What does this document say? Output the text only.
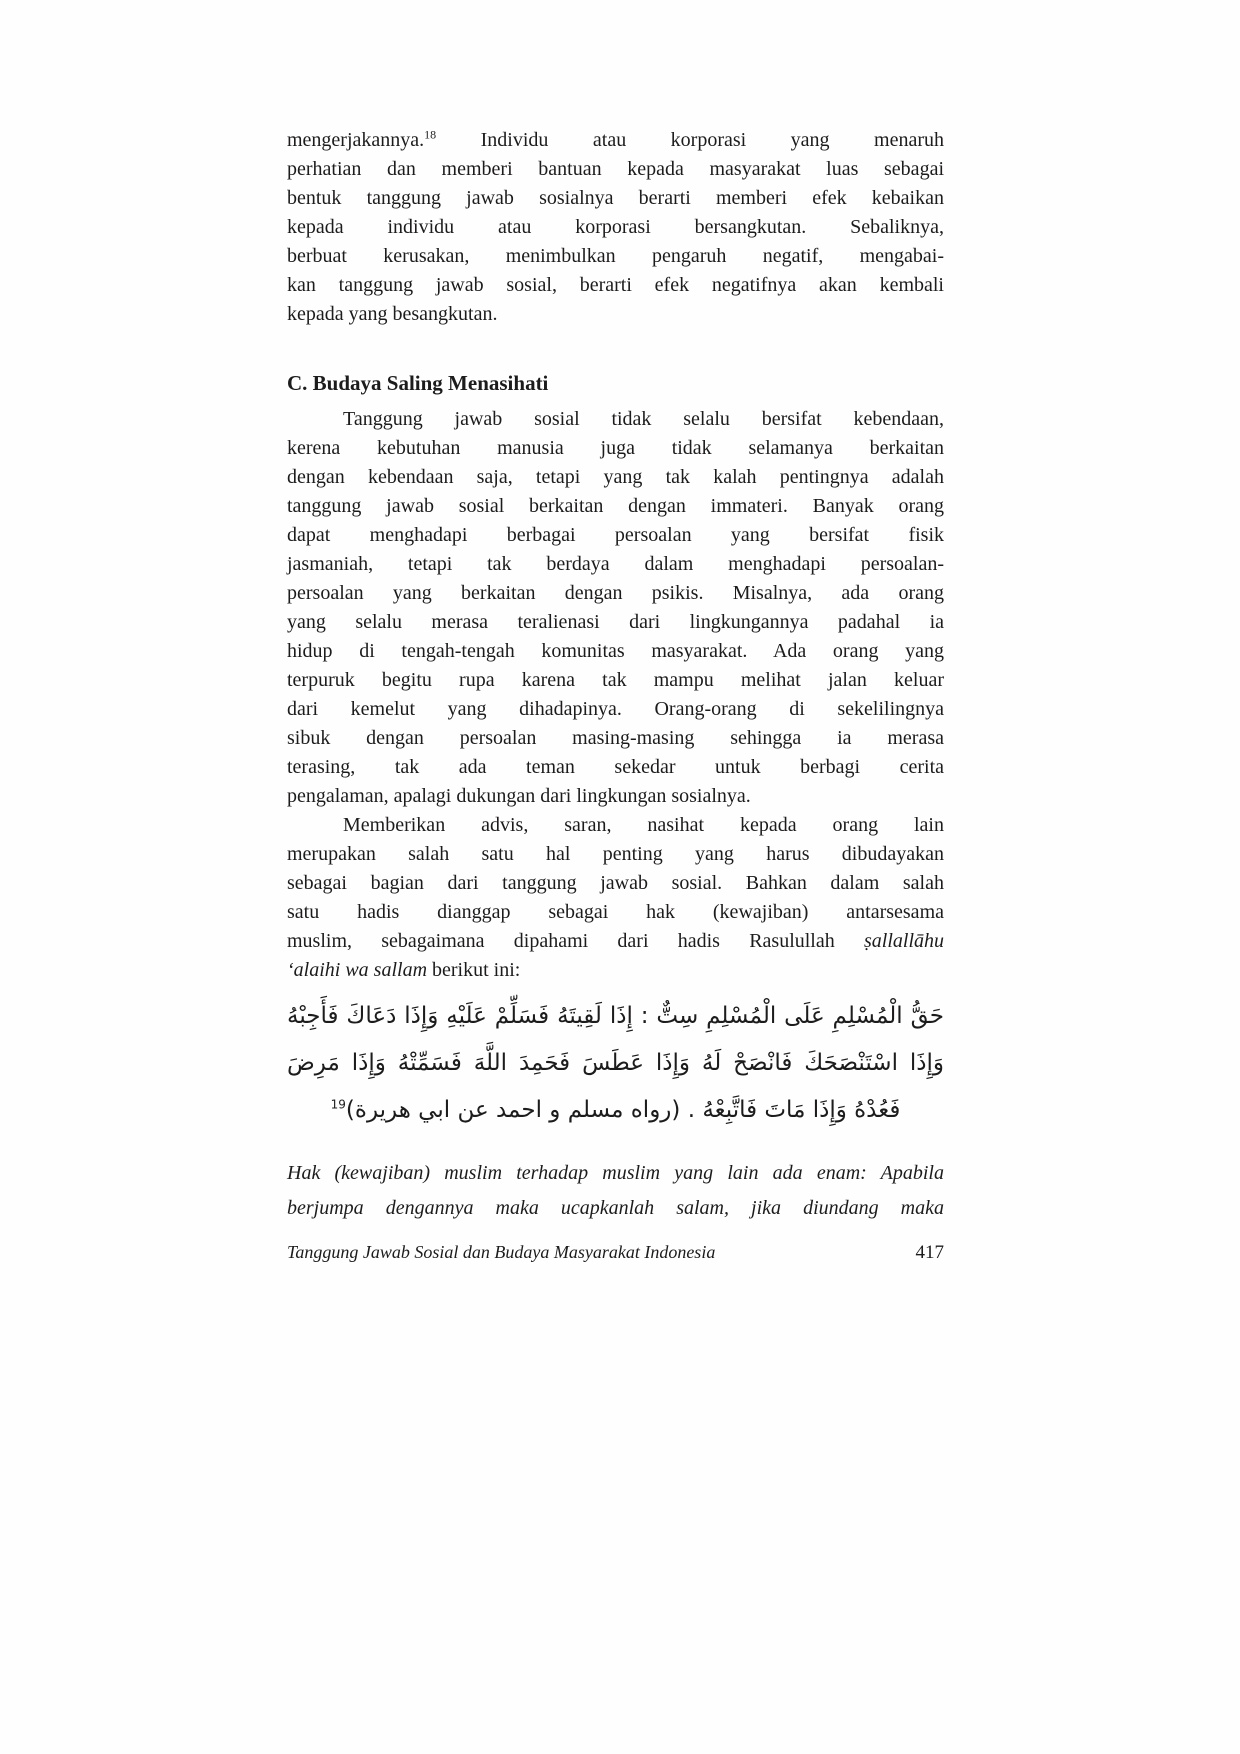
mengerjakannya.$^{18}$ Individu atau korporasi yang menaruh
perhatian dan memberi bantuan kepada masyarakat luas sebagai
bentuk tanggung jawab sosialnya berarti memberi efek kebaikan
kepada individu atau korporasi bersangkutan. Sebaliknya,
berbuat kerusakan, menimbulkan pengaruh negatif, mengabai-
kan tanggung jawab sosial, berarti efek negatifnya akan kembali
kepada yang besangkutan.
C. Budaya Saling Menasihati
Tanggung jawab sosial tidak selalu bersifat kebendaan,
kerena kebutuhan manusia juga tidak selamanya berkaitan
dengan kebendaan saja, tetapi yang tak kalah pentingnya adalah
tanggung jawab sosial berkaitan dengan immateri. Banyak orang
dapat menghadapi berbagai persoalan yang bersifat fisik
jasmaniah, tetapi tak berdaya dalam menghadapi persoalan-
persoalan yang berkaitan dengan psikis. Misalnya, ada orang
yang selalu merasa teralienasi dari lingkungannya padahal ia
hidup di tengah-tengah komunitas masyarakat. Ada orang yang
terpuruk begitu rupa karena tak mampu melihat jalan keluar
dari kemelut yang dihadapinya. Orang-orang di sekelilingnya
sibuk dengan persoalan masing-masing sehingga ia merasa
terasing, tak ada teman sekedar untuk berbagi cerita
pengalaman, apalagi dukungan dari lingkungan sosialnya.
Memberikan advis, saran, nasihat kepada orang lain
merupakan salah satu hal penting yang harus dibudayakan
sebagai bagian dari tanggung jawab sosial. Bahkan dalam salah
satu hadis dianggap sebagai hak (kewajiban) antarsesama
muslim, sebagaimana dipahami dari hadis Rasulullah ṣallallāhu
‘alaihi wa sallam berikut ini:
حَقُّ الْمُسْلِمِ عَلَى الْمُسْلِمِ سِتٌّ : إِذَا لَقِيتَهُ فَسَلِّمْ عَلَيْهِ وَإِذَا دَعَاكَ فَأَجِبْهُ
وَإِذَا اسْتَنْصَحَكَ فَانْصَحْ لَهُ وَإِذَا عَطَسَ فَحَمِدَ اللَّهَ فَسَمِّتْهُ وَإِذَا مَرِضَ
فَعُدْهُ وَإِذَا مَاتَ فَاتَّبِعْهُ . (رواه مسلم و احمد عن ابي هريرة)$^{19}$
Hak (kewajiban) muslim terhadap muslim yang lain ada enam: Apabila
berjumpa dengannya maka ucapkanlah salam, jika diundang maka
Tanggung Jawab Sosial dan Budaya Masyarakat Indonesia	417
